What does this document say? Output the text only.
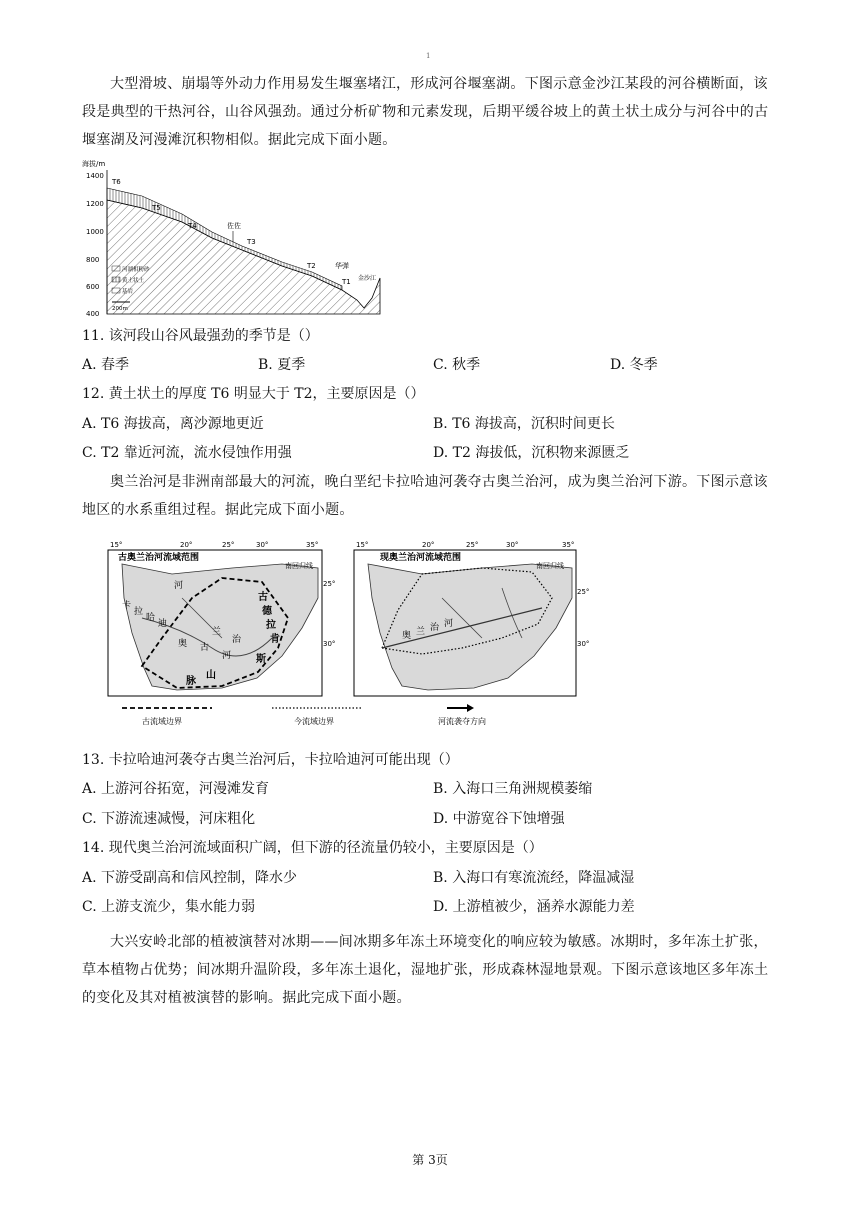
1
大型滑坡、崩塌等外动力作用易发生堰塞堵江，形成河谷堰塞湖。下图示意金沙江某段的河谷横断面，该段是典型的干热河谷，山谷风强劲。通过分析矿物和元素发现，后期平缓谷坡上的黄土状土成分与河谷中的古堰塞湖及河漫滩沉积物相似。据此完成下面小题。
海拔/m
1400
1200
1000
800
600
400
T6
T5
T4
T3
T2
T1
佐佐
华弹
金沙江
河湖相粉砂
黄土状土
基岩
200m
11. 该河段山谷风最强劲的季节是（）
A. 春季	B. 夏季	C. 秋季	D. 冬季
12. 黄土状土的厚度 T6 明显大于 T2，主要原因是（）
A. T6 海拔高，离沙源地更近	B. T6 海拔高，沉积时间更长
C. T2 靠近河流，流水侵蚀作用强	D. T2 海拔低，沉积物来源匮乏
奥兰治河是非洲南部最大的河流，晚白垩纪卡拉哈迪河袭夺古奥兰治河，成为奥兰治河下游。下图示意该地区的水系重组过程。据此完成下面小题。
15°	20°	25°	30°	35°
25°
30°
古奥兰治河流域范围
南回归线
卡
拉
哈
迪
河
古
奥
兰
治
河
古
德
拉
肯
斯
山
脉
15°	20°	25°	30°	35°
25°
30°
现奥兰治河流域范围
南回归线
奥 兰 治 河
古流域边界	今流域边界	河流袭夺方向
13. 卡拉哈迪河袭夺古奥兰治河后，卡拉哈迪河可能出现（）
A. 上游河谷拓宽，河漫滩发育	B. 入海口三角洲规模萎缩
C. 下游流速减慢，河床粗化	D. 中游宽谷下蚀增强
14. 现代奥兰治河流域面积广阔，但下游的径流量仍较小，主要原因是（）
A. 下游受副高和信风控制，降水少	B. 入海口有寒流流经，降温减湿
C. 上游支流少，集水能力弱	D. 上游植被少，涵养水源能力差
大兴安岭北部的植被演替对冰期——间冰期多年冻土环境变化的响应较为敏感。冰期时，多年冻土扩张，草本植物占优势；间冰期升温阶段，多年冻土退化，湿地扩张，形成森林湿地景观。下图示意该地区多年冻土的变化及其对植被演替的影响。据此完成下面小题。
第 3页
